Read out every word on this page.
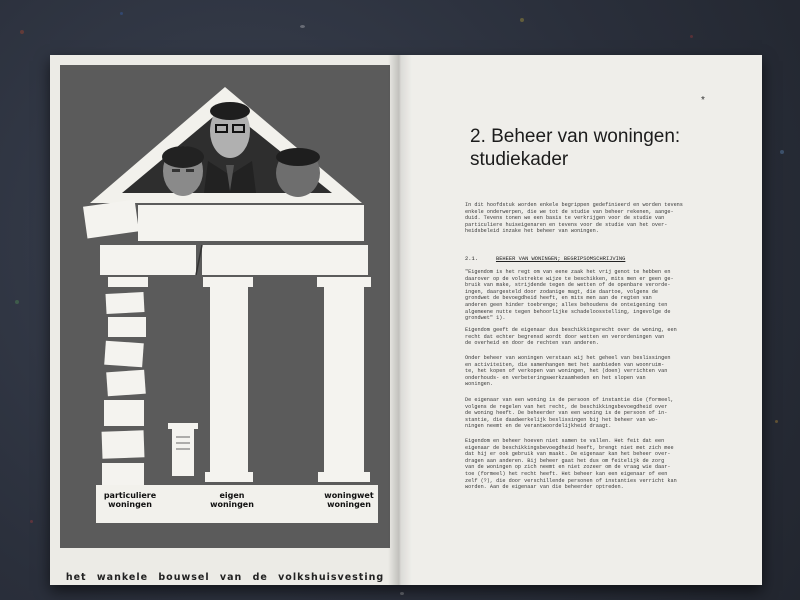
particuliere
woningen
eigen
woningen
woningwet
woningen
het wankele bouwsel van de volkshuisvesting
*
2. Beheer van woningen:
studiekader
In dit hoofdstuk worden enkele begrippen gedefinieerd en worden tevens
enkele onderwerpen, die we tot de studie van beheer rekenen, aange-
duid. Tevens tonen we een basis te verkrijgen voor de studie van
particuliere huiseigenaren en tevens voor de studie van het over-
heidsbeleid inzake het beheer van woningen.
2.1.	BEHEER VAN WONINGEN; BEGRIPSOMSCHRIJVING
"Eigendom is het regt om van eene zaak het vrij genot te hebben en
daarover op de volstrekte wijze te beschikken, mits men er geen ge-
bruik van make, strijdende tegen de wetten of de openbare verorde-
ingen, daargesteld door zodanige magt, die daartoe, volgens de
grondwet de bevoegdheid heeft, en mits men aan de regten van
anderen geen hinder toebrenge; alles behoudens de onteigening ten
algemeene nutte tegen behoorlijke schadeloosstelling, ingevolge de
grondwet" 1).
Eigendom geeft de eigenaar dus beschikkingsrecht over de woning, een
recht dat echter begrensd wordt door wetten en verordeningen van
de overheid en door de rechten van anderen.
Onder beheer van woningen verstaan wij het geheel van beslissingen
en activiteiten, die samenhangen met het aanbieden van woonruim-
te, het kopen of verkopen van woningen, het (doen) verrichten van
onderhouds- en verbeteringswerkzaamheden en het slopen van
woningen.
De eigenaar van een woning is de persoon of instantie die (formeel,
volgens de regelen van het recht, de beschikkingsbevoegdheid over
de woning heeft. De beheerder van een woning is de persoon of in-
stantie, die daadwerkelijk beslissingen bij het beheer van wo-
ningen neemt en de verantwoordelijkheid draagt.
Eigendom en beheer hoeven niet samen te vallen. Het feit dat een
eigenaar de beschikkingsbevoegdheid heeft, brengt niet met zich mee
dat hij er ook gebruik van maakt. De eigenaar kan het beheer over-
dragen aan anderen. Bij beheer gaat het dus om feitelijk de zorg
van de woningen op zich neemt en niet zozeer om de vraag wie daar-
toe (formeel) het recht heeft. Het beheer kan een eigenaar of een
zelf (?), die door verschillende personen of instanties verricht kan
worden. Aan de eigenaar van die beheerder optreden.
